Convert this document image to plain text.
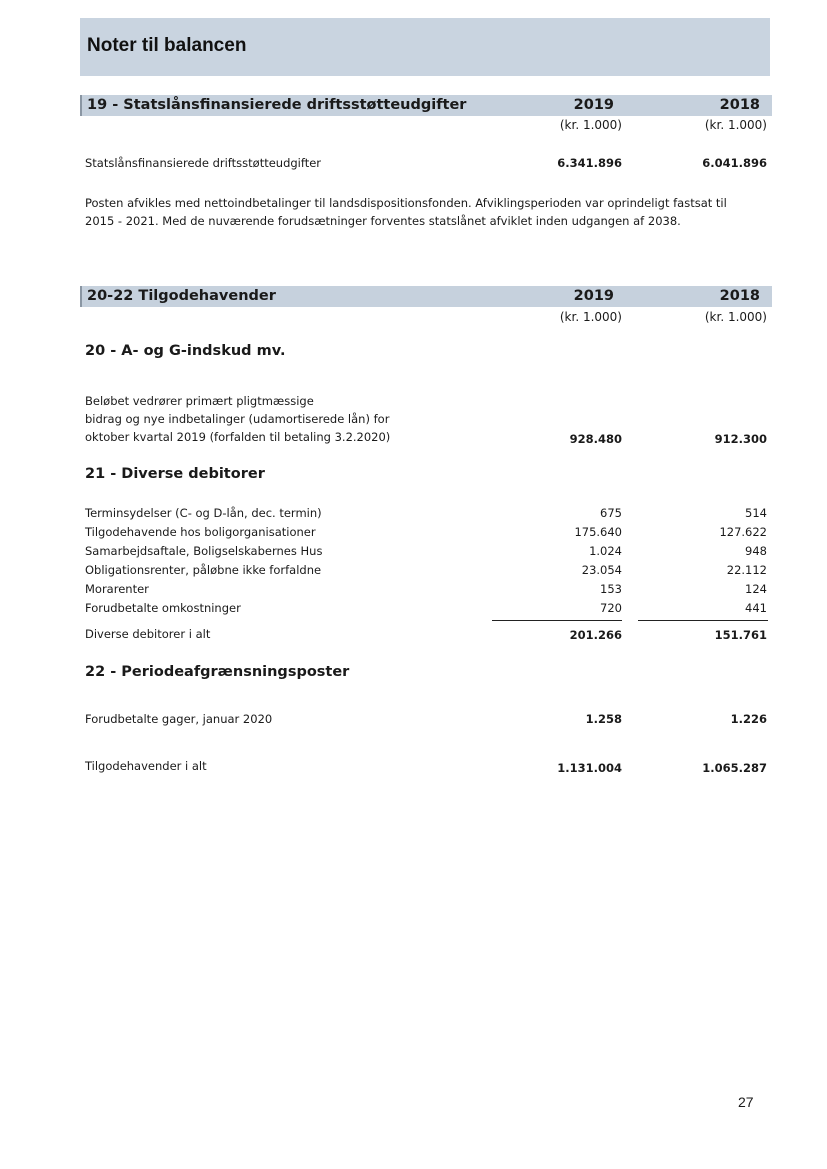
Noter til balancen
19 - Statslånsfinansierede driftsstøtteudgifter	2019	2018
(kr. 1.000)	(kr. 1.000)
Statslånsfinansierede driftsstøtteudgifter	6.341.896	6.041.896
Posten afvikles med nettoindbetalinger til landsdispositionsfonden. Afviklingsperioden var oprindeligt fastsat til 2015 - 2021. Med de nuværende forudsætninger forventes statslånet afviklet inden udgangen af 2038.
20-22 Tilgodehavender	2019	2018
(kr. 1.000)	(kr. 1.000)
20 - A- og G-indskud mv.
Beløbet vedrører primært pligtmæssige
bidrag og nye indbetalinger (udamortiserede lån) for
oktober kvartal 2019 (forfalden til betaling 3.2.2020)	928.480	912.300
21 - Diverse debitorer
Terminsydelser (C- og D-lån, dec. termin)	675	514
Tilgodehavende hos boligorganisationer	175.640	127.622
Samarbejdsaftale, Boligselskabernes Hus	1.024	948
Obligationsrenter, påløbne ikke forfaldne	23.054	22.112
Morarenter	153	124
Forudbetalte omkostninger	720	441
Diverse debitorer i alt	201.266	151.761
22 - Periodeafgrænsningsposter
Forudbetalte gager, januar 2020	1.258	1.226
Tilgodehavender i alt	1.131.004	1.065.287
27
